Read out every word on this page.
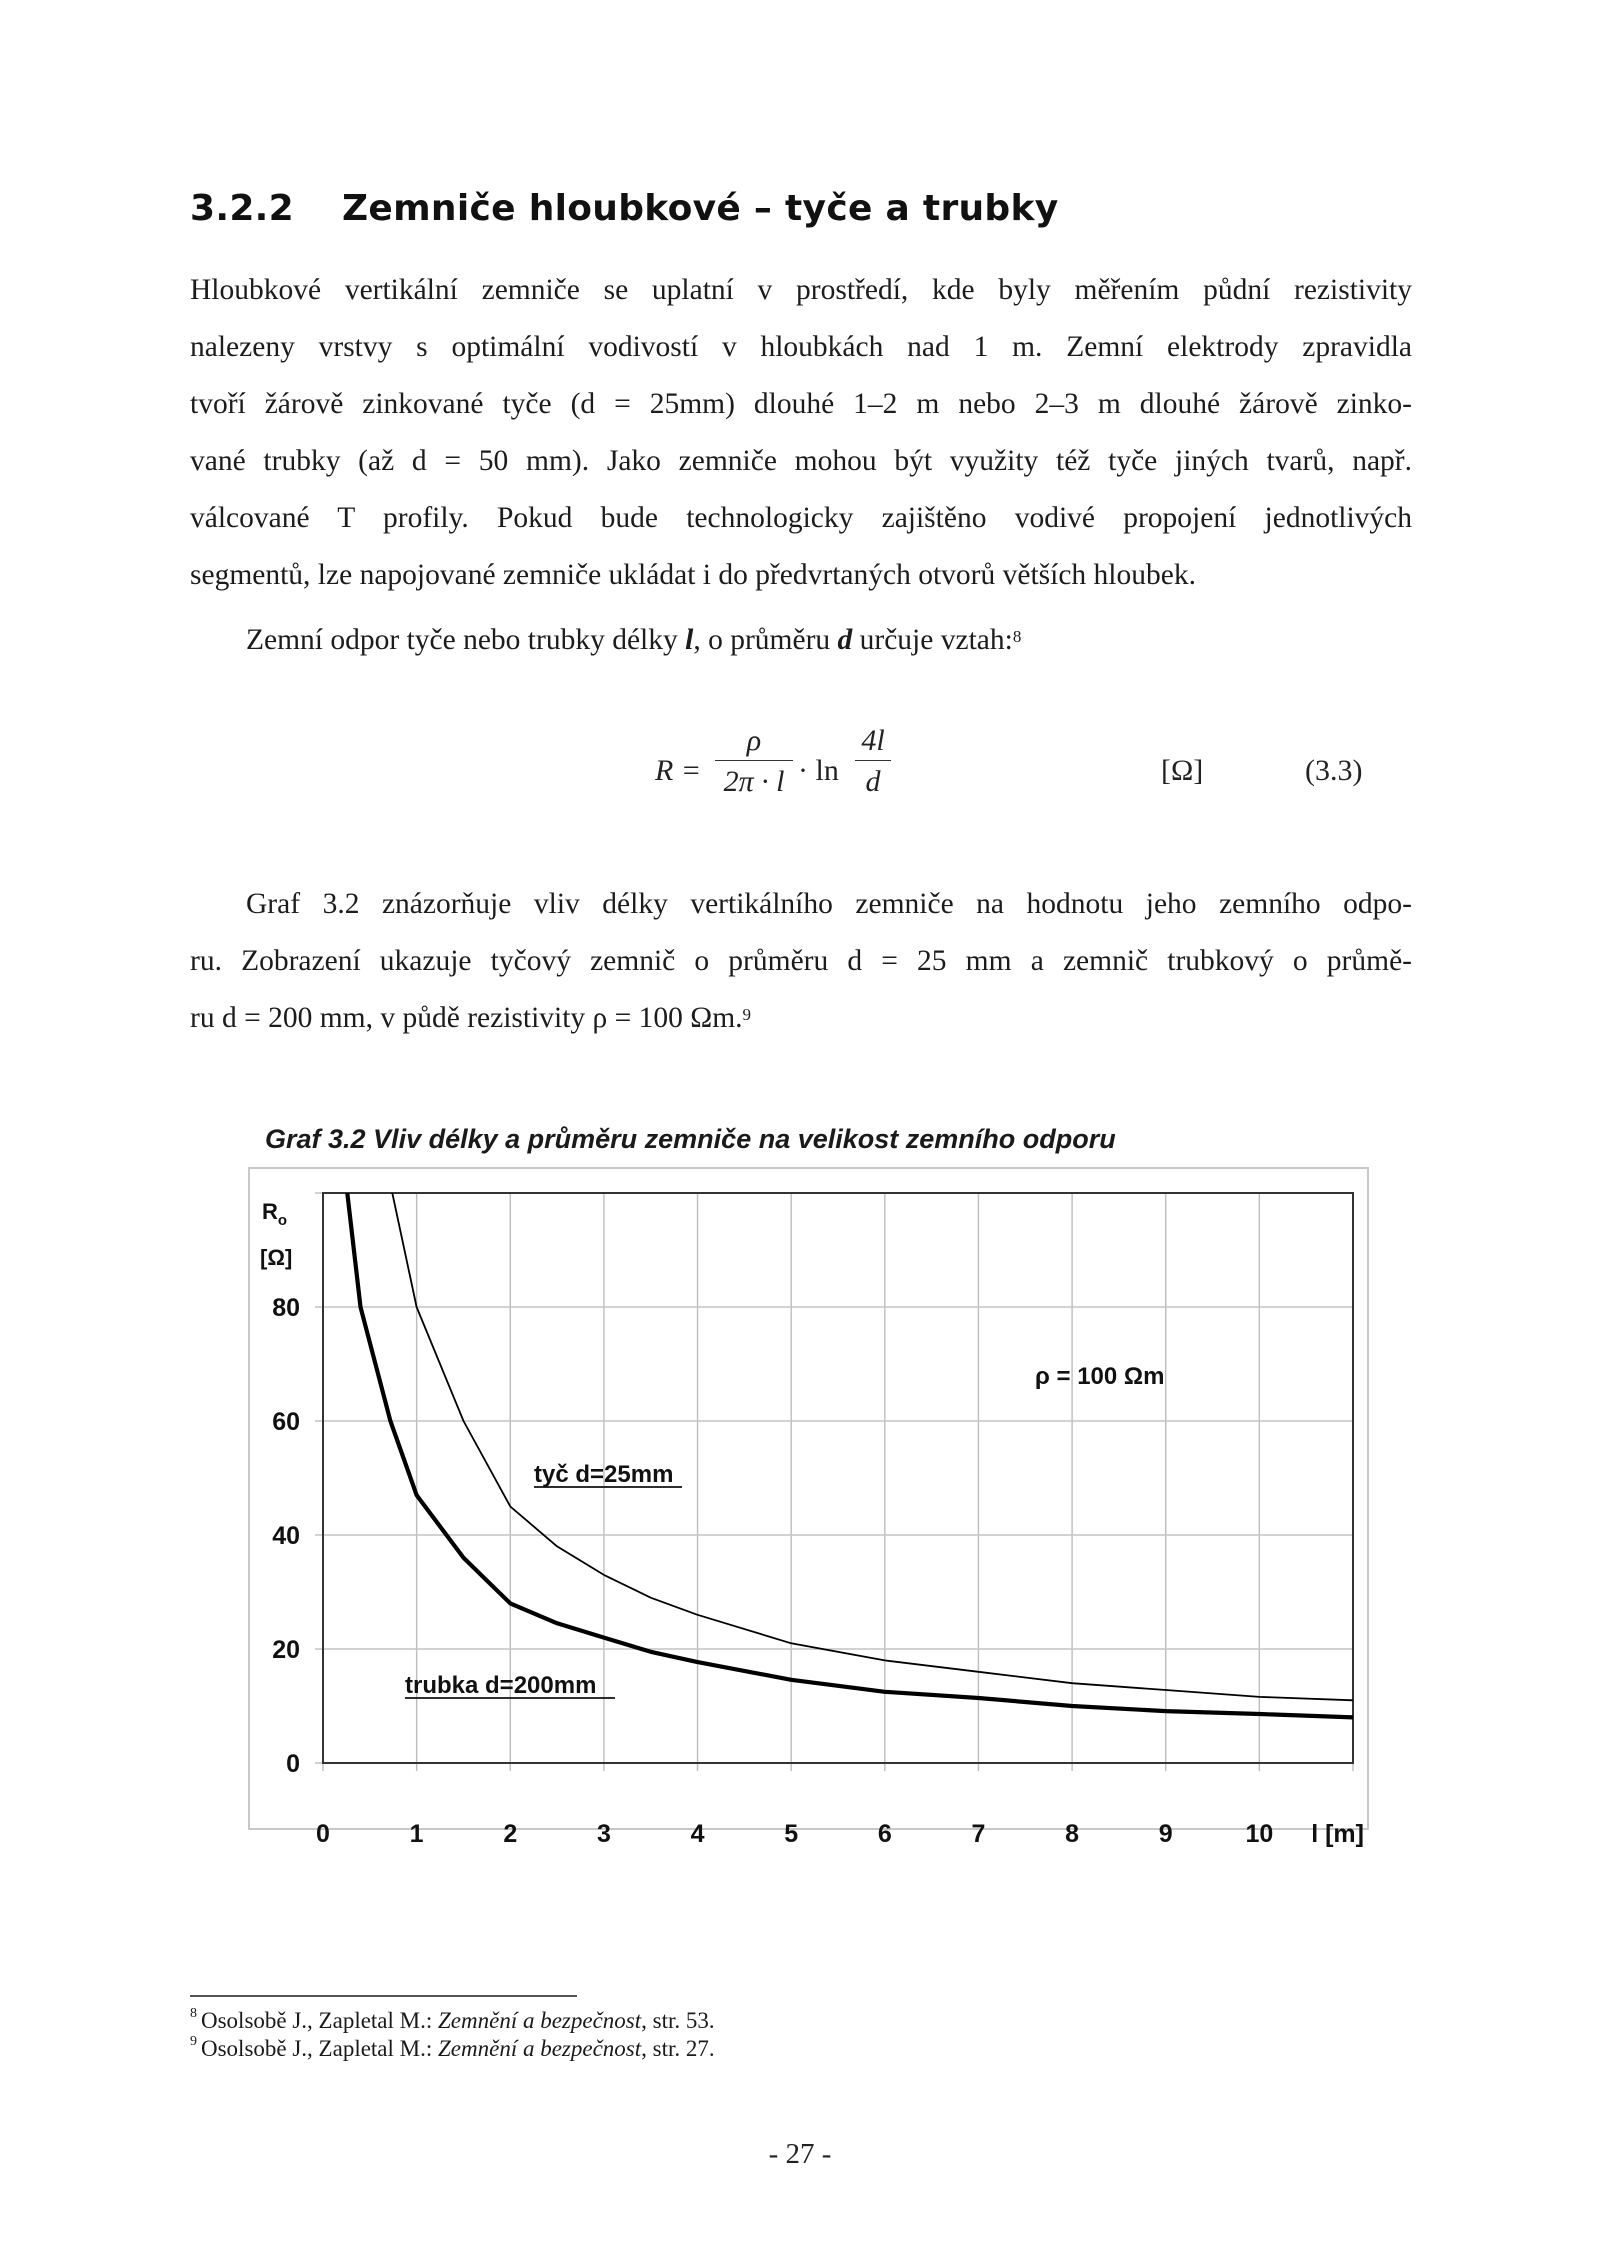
3.2.2 Zemniče hloubkové – tyče a trubky
Hloubkové vertikální zemniče se uplatní v prostředí, kde byly měřením půdní rezistivity
nalezeny vrstvy s optimální vodivostí v hloubkách nad 1 m. Zemní elektrody zpravidla
tvoří žárově zinkované tyče (d = 25mm) dlouhé 1–2 m nebo 2–3 m dlouhé žárově zinko-
vané trubky (až d = 50 mm). Jako zemniče mohou být využity též tyče jiných tvarů, např.
válcované T profily. Pokud bude technologicky zajištěno vodivé propojení jednotlivých
segmentů, lze napojované zemniče ukládat i do předvrtaných otvorů větších hloubek.
Zemní odpor tyče nebo trubky délky l, o průměru d určuje vztah:$^8$
$R = \frac{\rho}{2\pi \cdot l} \cdot \ln \frac{4l}{d}$	[Ω]	(3.3)
Graf 3.2 znázorňuje vliv délky vertikálního zemniče na hodnotu jeho zemního odpo-
ru. Zobrazení ukazuje tyčový zemnič o průměru d = 25 mm a zemnič trubkový o průmě-
ru d = 200 mm, v půdě rezistivity ρ = 100 Ωm.$^9$
Graf 3.2 Vliv délky a průměru zemniče na velikost zemního odporu
0
20
40
60
80
0	1	2	3	4	5	6	7	8	9	10 l [m]
$R_o$
[Ω]
ρ = 100 Ωm
tyč d=25mm
trubka d=200mm
$^8$ Osolsobě J., Zapletal M.: Zemnění a bezpečnost, str. 53.
$^9$ Osolsobě J., Zapletal M.: Zemnění a bezpečnost, str. 27.
- 27 -
